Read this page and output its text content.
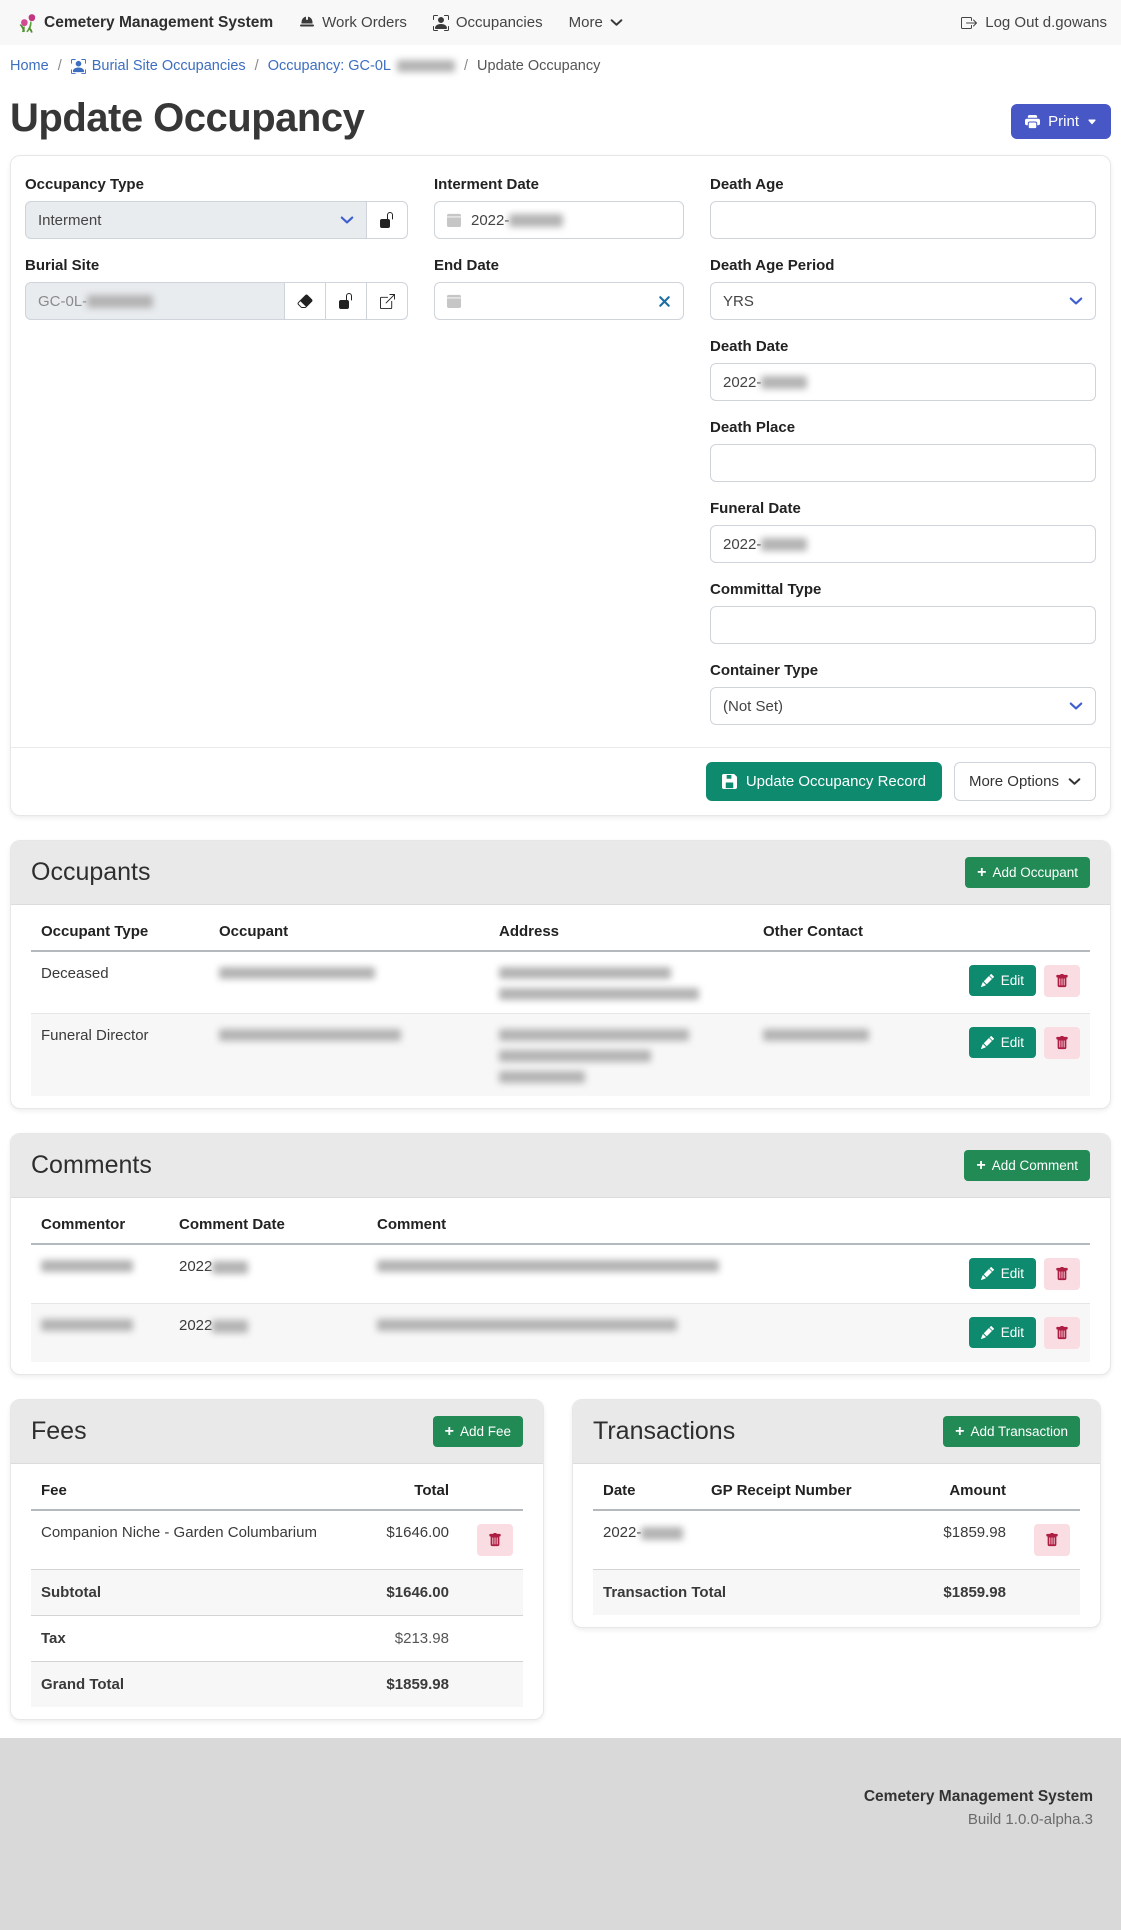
Cemetery Management System	Work Orders	Occupancies More	Log Out d.gowans
Home / Burial Site Occupancies / Occupancy: GC-0L	/ Update Occupancy
Update Occupancy	Print
Occupancy Type
Interment
Burial Site
GC-0L-
Interment Date
2022-
End Date
Death Age
Death Age Period
YRS
Death Date
2022-
Death Place
Funeral Date
2022-
Committal Type
Container Type
(Not Set)
Update Occupancy Record	More Options
Occupants	+ Add Occupant
Occupant Type	Occupant	Address	Other Contact	
Deceased				Edit

Funeral Director				Edit
Comments	+ Add Comment
Commentor	Comment Date	Comment	

	2022		Edit

	2022		Edit
Fees	+ Add Fee
Fee	Total	
Companion Niche - Garden Columbarium	$1646.00	

Subtotal	$1646.00	
Tax	$213.98	
Grand Total	$1859.98	
Transactions	+ Add Transaction
Date	GP Receipt Number	Amount	
2022-		$1859.98	

Transaction Total		$1859.98	
Cemetery Management System
Build 1.0.0-alpha.3
